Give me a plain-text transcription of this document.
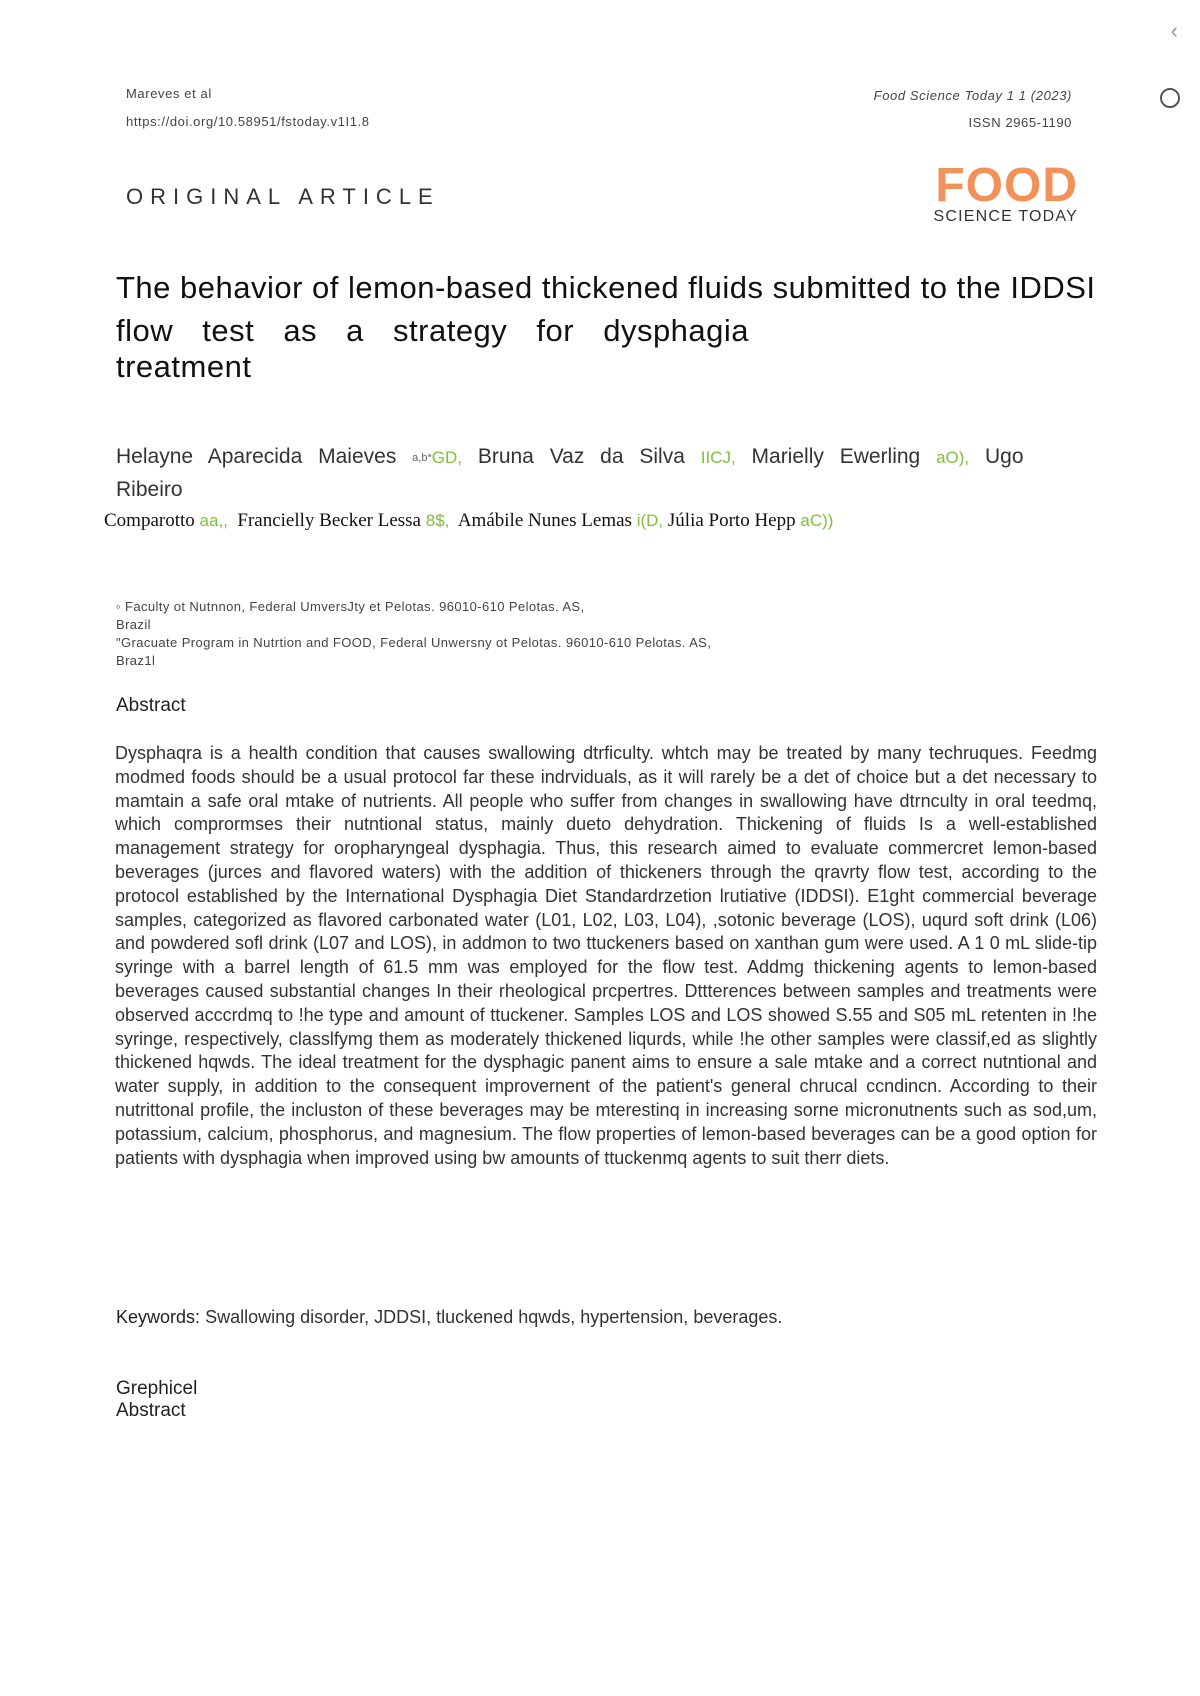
Mareves et al
https://doi.org/10.58951/fstoday.v1I1.8
Food Science Today 1 1 (2023)
ISSN 2965-1190
‹
ORIGINAL ARTICLE	FOOD
SCIENCE TODAY
The behavior of lemon-based thickened fluids submitted to the IDDSI
flow test as a strategy for dysphagia
treatment
Helayne Aparecida Maieves a,b*GD, Bruna Vaz da Silva IICJ, Marielly Ewerling aO), Ugo Ribeiro
Comparotto aa,, Francielly Becker Lessa 8$, Amábile Nunes Lemas i(D, Júlia Porto Hepp aC))
◦ Faculty ot Nutnnon, Federal UmversJty et Pelotas. 96010-610 Pelotas. AS,
Brazil
"Gracuate Program in Nutrtion and FOOD, Federal Unwersny ot Pelotas. 96010-610 Pelotas. AS,
Braz1l
Abstract
Dysphaqra is a health condition that causes swallowing dtrficulty. whtch may be treated by many techruques. Feedmg modmed foods should be a usual protocol far these indrviduals, as it will rarely be a det of choice but a det necessary to mamtain a safe oral mtake of nutrients. All people who suffer from changes in swallowing have dtrnculty in oral teedmq, which comprormses their nutntional status, mainly dueto dehydration. Thickening of fluids Is a well-established management strategy for oropharyngeal dysphagia. Thus, this research aimed to evaluate commercret lemon-based beverages (jurces and flavored waters) with the addition of thickeners through the qravrty flow test, according to the protocol established by the International Dysphagia Diet Standardrzetion lrutiative (IDDSI). E1ght commercial beverage samples, categorized as flavored carbonated water (L01, L02, L03, L04), ,sotonic beverage (LOS), uqurd soft drink (L06) and powdered sofl drink (L07 and LOS), in addmon to two ttuckeners based on xanthan gum were used. A 1 0 mL slide-tip syringe with a barrel length of 61.5 mm was employed for the flow test. Addmg thickening agents to lemon-based beverages caused substantial changes In their rheological prcpertres. Dttterences between samples and treatments were observed acccrdmq to !he type and amount of ttuckener. Samples LOS and LOS showed S.55 and S05 mL retenten in !he syringe, respectively, classlfymg them as moderately thickened liqurds, while !he other samples were classif,ed as slightly thickened hqwds. The ideal treatment for the dysphagic panent aims to ensure a sale mtake and a correct nutntional and water supply, in addition to the consequent improvernent of the patient's general chrucal ccndincn. According to their nutrittonal profile, the incluston of these beverages may be mterestinq in increasing sorne micronutnents such as sod,um, potassium, calcium, phosphorus, and magnesium. The flow properties of lemon-based beverages can be a good option for patients with dysphagia when improved using bw amounts of ttuckenmq agents to suit therr diets.
Keywords: Swallowing disorder, JDDSI, tluckened hqwds, hypertension, beverages.
Grephicel Abstract
